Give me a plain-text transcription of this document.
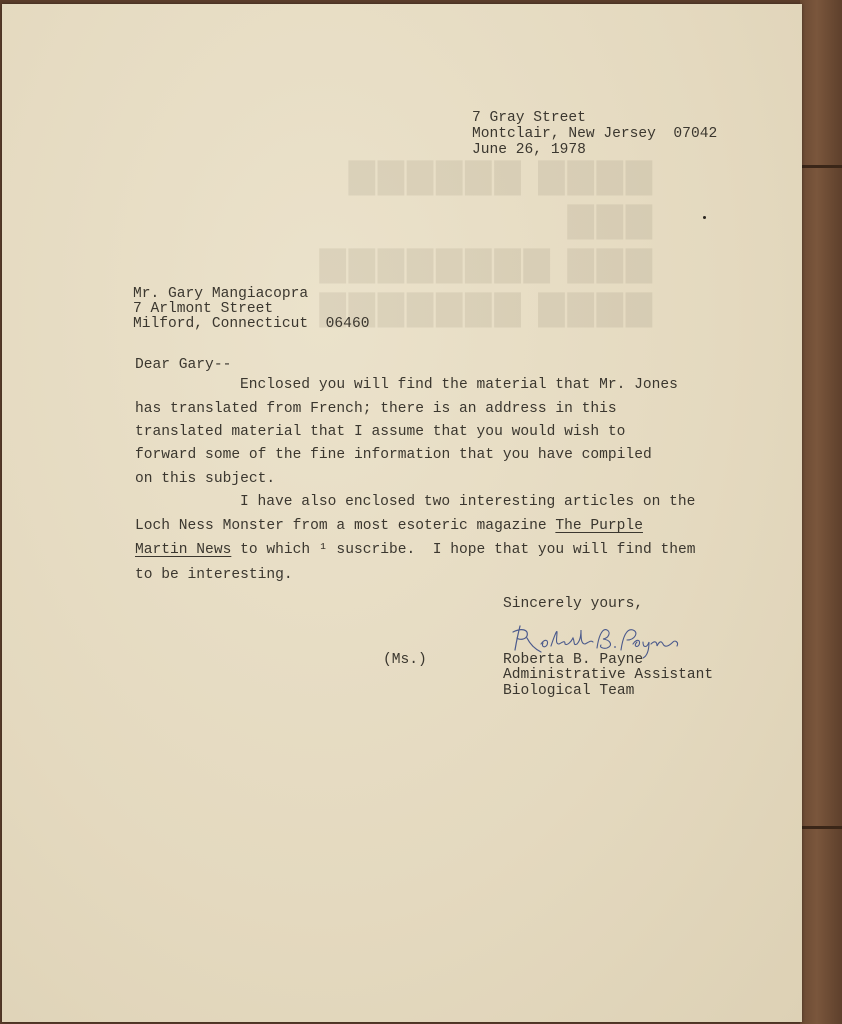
▇▇▇▇ ▇▇▇▇▇▇ ▇▇▇
▇▇▇ ▇▇▇▇▇▇▇▇
▇▇▇▇ ▇▇▇▇▇▇▇
7 Gray Street
Montclair, New Jersey  07042
June 26, 1978
Mr. Gary Mangiacopra
7 Arlmont Street
Milford, Connecticut  06460
Dear Gary--
Enclosed you will find the material that Mr. Jones
has translated from French; there is an address in this
translated material that I assume that you would wish to
forward some of the fine information that you have compiled
on this subject.
I have also enclosed two interesting articles on the
Loch Ness Monster from a most esoteric magazine The Purple
Martin News to which ¹ suscribe.  I hope that you will find them
to be interesting.
Sincerely yours,
(Ms.)	Roberta B. Payne
Administrative Assistant
Biological Team
